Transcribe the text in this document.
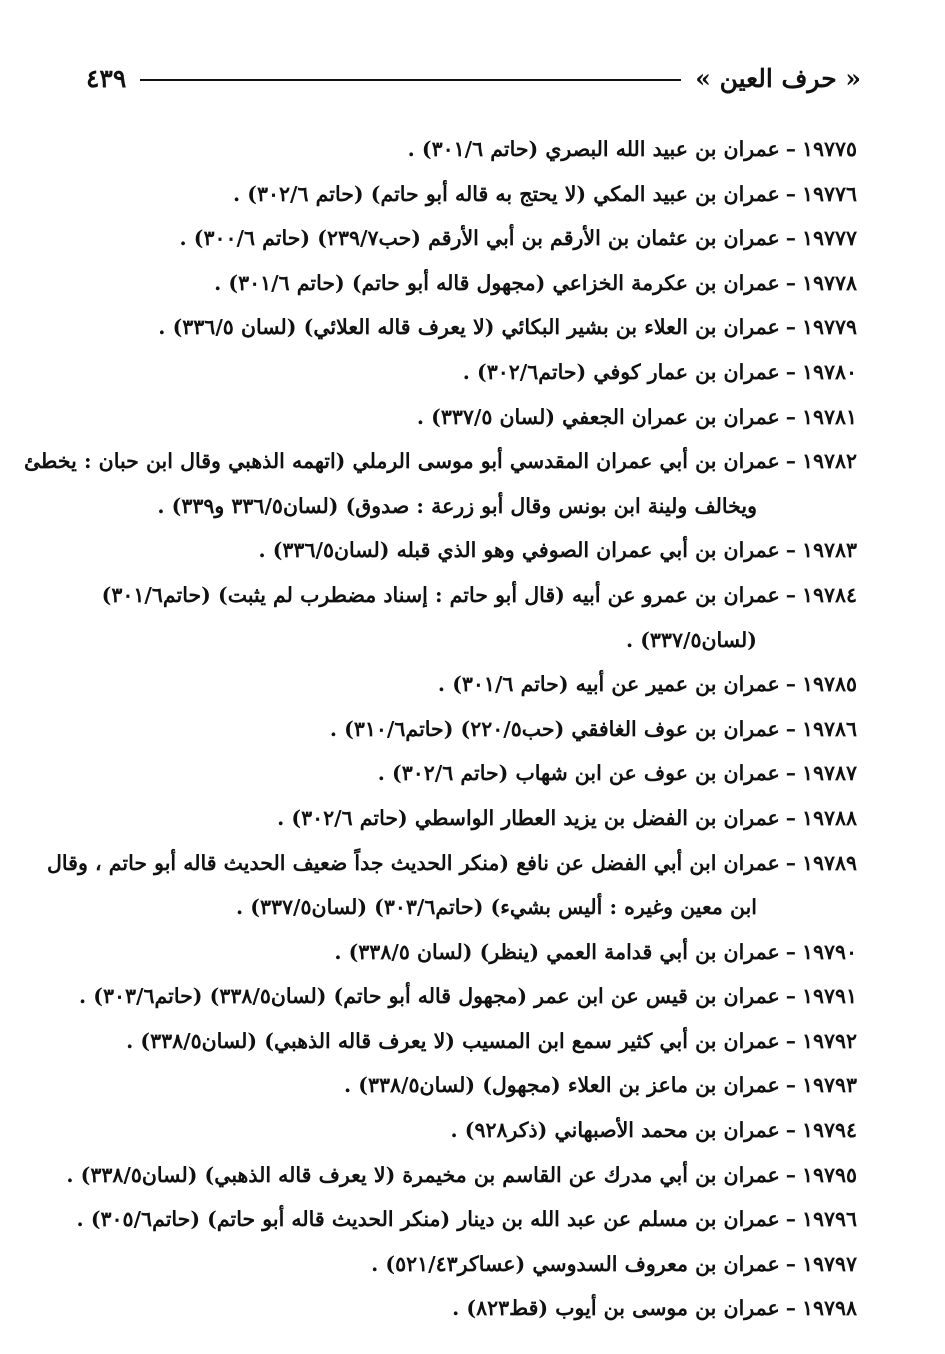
« حرف العين »
٤٣٩
١٩٧٧٥–عمران بن عبيد الله البصري (حاتم ٣٠١/٦) .
١٩٧٧٦–عمران بن عبيد المكي (لا يحتج به قاله أبو حاتم) (حاتم ٣٠٢/٦) .
١٩٧٧٧–عمران بن عثمان بن الأرقم بن أبي الأرقم (حب٢٣٩/٧) (حاتم ٣٠٠/٦) .
١٩٧٧٨–عمران بن عكرمة الخزاعي (مجهول قاله أبو حاتم) (حاتم ٣٠١/٦) .
١٩٧٧٩–عمران بن العلاء بن بشير البكائي (لا يعرف قاله العلائي) (لسان ٣٣٦/٥) .
١٩٧٨٠–عمران بن عمار كوفي (حاتم٣٠٢/٦) .
١٩٧٨١–عمران بن عمران الجعفي (لسان ٣٣٧/٥) .
١٩٧٨٢–عمران بن أبي عمران المقدسي أبو موسى الرملي (اتهمه الذهبي وقال ابن حبان : يخطئ
ويخالف ولينة ابن بونس وقال أبو زرعة : صدوق) (لسان٣٣٦/٥ و٣٣٩) .
١٩٧٨٣–عمران بن أبي عمران الصوفي وهو الذي قبله (لسان٣٣٦/٥) .
١٩٧٨٤–عمران بن عمرو عن أبيه (قال أبو حاتم : إسناد مضطرب لم يثبت) (حاتم٣٠١/٦)
(لسان٣٣٧/٥) .
١٩٧٨٥–عمران بن عمير عن أبيه (حاتم ٣٠١/٦) .
١٩٧٨٦–عمران بن عوف الغافقي (حب٢٢٠/٥) (حاتم٣١٠/٦) .
١٩٧٨٧–عمران بن عوف عن ابن شهاب (حاتم ٣٠٢/٦) .
١٩٧٨٨–عمران بن الفضل بن يزيد العطار الواسطي (حاتم ٣٠٢/٦) .
١٩٧٨٩–عمران ابن أبي الفضل عن نافع (منكر الحديث جداً ضعيف الحديث قاله أبو حاتم ، وقال
ابن معين وغيره : أليس بشيء) (حاتم٣٠٣/٦) (لسان٣٣٧/٥) .
١٩٧٩٠–عمران بن أبي قدامة العمي (ينظر) (لسان ٣٣٨/٥) .
١٩٧٩١–عمران بن قيس عن ابن عمر (مجهول قاله أبو حاتم) (لسان٣٣٨/٥) (حاتم٣٠٣/٦) .
١٩٧٩٢–عمران بن أبي كثير سمع ابن المسيب (لا يعرف قاله الذهبي) (لسان٣٣٨/٥) .
١٩٧٩٣–عمران بن ماعز بن العلاء (مجهول) (لسان٣٣٨/٥) .
١٩٧٩٤–عمران بن محمد الأصبهاني (ذكر٩٢٨) .
١٩٧٩٥–عمران بن أبي مدرك عن القاسم بن مخيمرة (لا يعرف قاله الذهبي) (لسان٣٣٨/٥) .
١٩٧٩٦–عمران بن مسلم عن عبد الله بن دينار (منكر الحديث قاله أبو حاتم) (حاتم٣٠٥/٦) .
١٩٧٩٧–عمران بن معروف السدوسي (عساكر٥٢١/٤٣) .
١٩٧٩٨–عمران بن موسى بن أيوب (قط٨٢٣) .
